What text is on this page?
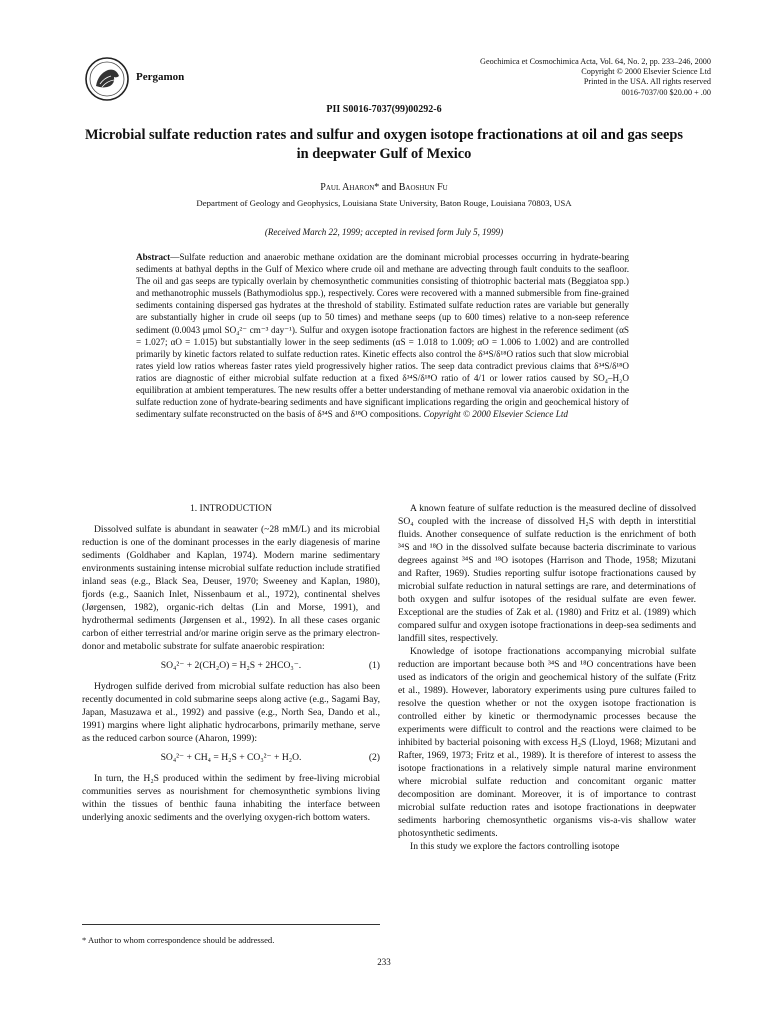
Pergamon
Geochimica et Cosmochimica Acta, Vol. 64, No. 2, pp. 233–246, 2000
Copyright © 2000 Elsevier Science Ltd
Printed in the USA. All rights reserved
0016-7037/00 $20.00 + .00
PII S0016-7037(99)00292-6
Microbial sulfate reduction rates and sulfur and oxygen isotope fractionations at oil and gas seeps in deepwater Gulf of Mexico
Paul Aharon* and Baoshun Fu
Department of Geology and Geophysics, Louisiana State University, Baton Rouge, Louisiana 70803, USA
(Received March 22, 1999; accepted in revised form July 5, 1999)
Abstract—Sulfate reduction and anaerobic methane oxidation are the dominant microbial processes occurring in hydrate-bearing sediments at bathyal depths in the Gulf of Mexico where crude oil and methane are advecting through fault conduits to the seafloor. The oil and gas seeps are typically overlain by chemosynthetic communities consisting of thiotrophic bacterial mats (Beggiatoa spp.) and methanotrophic mussels (Bathymodiolus spp.), respectively. Cores were recovered with a manned submersible from fine-grained sediments containing dispersed gas hydrates at the threshold of stability. Estimated sulfate reduction rates are variable but generally are substantially higher in crude oil seeps (up to 50 times) and methane seeps (up to 600 times) relative to a non-seep reference sediment (0.0043 μmol SO₄²⁻ cm⁻³ day⁻¹). Sulfur and oxygen isotope fractionation factors are highest in the reference sediment (αS = 1.027; αO = 1.015) but substantially lower in the seep sediments (αS = 1.018 to 1.009; αO = 1.006 to 1.002) and are controlled primarily by kinetic factors related to sulfate reduction rates. Kinetic effects also control the δ³⁴S/δ¹⁸O ratios such that slow microbial rates yield low ratios whereas faster rates yield progressively higher ratios. The seep data contradict previous claims that δ³⁴S/δ¹⁸O ratios are diagnostic of either microbial sulfate reduction at a fixed δ³⁴S/δ¹⁸O ratio of 4/1 or lower ratios caused by SO₄–H₂O equilibration at ambient temperatures. The new results offer a better understanding of methane removal via anaerobic oxidation in the sulfate reduction zone of hydrate-bearing sediments and have significant implications regarding the origin and geochemical history of sedimentary sulfate reconstructed on the basis of δ³⁴S and δ¹⁸O compositions. Copyright © 2000 Elsevier Science Ltd
1. INTRODUCTION

Dissolved sulfate is abundant in seawater (~28 mM/L) and its microbial reduction is one of the dominant processes in the early diagenesis of marine sediments (Goldhaber and Kaplan, 1974). Modern marine sedimentary environments sustaining intense microbial sulfate reduction include stratified inland seas (e.g., Black Sea, Deuser, 1970; Sweeney and Kaplan, 1980), fjords (e.g., Saanich Inlet, Nissenbaum et al., 1972), continental shelves (Jørgensen, 1982), organic-rich deltas (Lin and Morse, 1991), and hydrothermal sediments (Jørgensen et al., 1992). In all these cases organic carbon of either terrestrial and/or marine origin serve as the primary electron-donor and metabolic substrate for sulfate anaerobic respiration:

SO₄²⁻ + 2(CH₂O) = H₂S + 2HCO₃⁻.	(1)

Hydrogen sulfide derived from microbial sulfate reduction has also been recently documented in cold submarine seeps along active (e.g., Sagami Bay, Japan, Masuzawa et al., 1992) and passive (e.g., North Sea, Dando et al., 1991) margins where light aliphatic hydrocarbons, primarily methane, serve as the reduced carbon source (Aharon, 1999):

SO₄²⁻ + CH₄ = H₂S + CO₃²⁻ + H₂O.	(2)

In turn, the H₂S produced within the sediment by free-living microbial communities serves as nourishment for chemosynthetic symbions living within the tissues of benthic fauna inhabiting the interface between underlying anoxic sediments and the overlying oxygen-rich bottom waters.

A known feature of sulfate reduction is the measured decline of dissolved SO₄ coupled with the increase of dissolved H₂S with depth in interstitial fluids. Another consequence of sulfate reduction is the enrichment of both ³⁴S and ¹⁸O in the dissolved sulfate because bacteria discriminate to various degrees against ³⁴S and ¹⁸O isotopes (Harrison and Thode, 1958; Mizutani and Rafter, 1969). Studies reporting sulfur isotope fractionations caused by microbial sulfate reduction in natural settings are rare, and determinations of both oxygen and sulfur isotopes of the residual sulfate are even fewer. Exceptional are the studies of Zak et al. (1980) and Fritz et al. (1989) which compared sulfur and oxygen isotope fractionations in deep-sea sediments and landfill sites, respectively.

Knowledge of isotope fractionations accompanying microbial sulfate reduction are important because both ³⁴S and ¹⁸O concentrations have been used as indicators of the origin and geochemical history of the sulfate (Fritz et al., 1989). However, laboratory experiments using pure cultures failed to resolve the question whether or not the oxygen isotope fractionation is controlled either by kinetic or thermodynamic processes because the experiments were difficult to control and the reactions were claimed to be inhibited by bacterial poisoning with excess H₂S (Lloyd, 1968; Mizutani and Rafter, 1969, 1973; Fritz et al., 1989). It is therefore of interest to assess the isotope fractionations in a relatively simple natural marine environment where microbial sulfate reduction and concomitant organic matter decomposition are dominant. Moreover, it is of importance to contrast microbial sulfate reduction rates and isotope fractionations in deepwater sediments harboring chemosynthetic organisms vis-a-vis shallow water photosynthetic sediments.

In this study we explore the factors controlling isotope

* Author to whom correspondence should be addressed.
233
